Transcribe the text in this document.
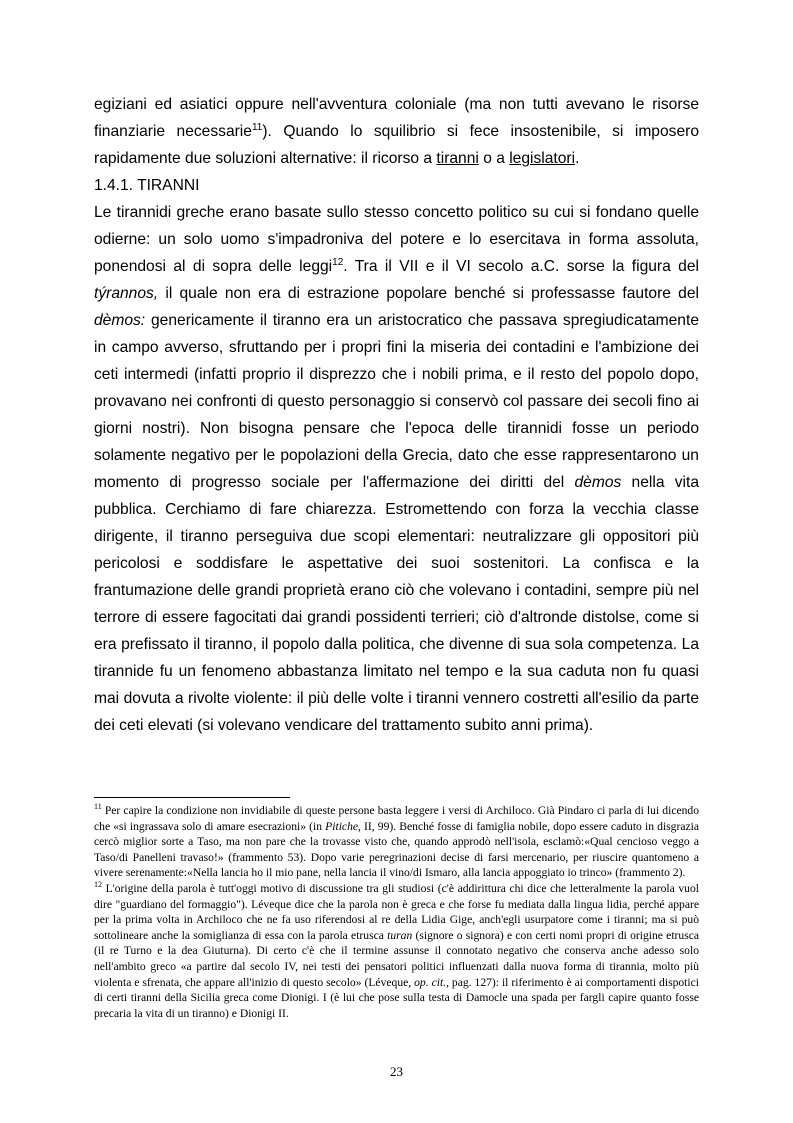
egiziani ed asiatici oppure nell'avventura coloniale (ma non tutti avevano le risorse finanziarie necessarie$^{11}$). Quando lo squilibrio si fece insostenibile, si imposero rapidamente due soluzioni alternative: il ricorso a tiranni o a legislatori.

1.4.1. TIRANNI

Le tirannidi greche erano basate sullo stesso concetto politico su cui si fondano quelle odierne: un solo uomo s'impadroniva del potere e lo esercitava in forma assoluta, ponendosi al di sopra delle leggi$^{12}$. Tra il VII e il VI secolo a.C. sorse la figura del týrannos, il quale non era di estrazione popolare benché si professasse fautore del dèmos: genericamente il tiranno era un aristocratico che passava spregiudicatamente in campo avverso, sfruttando per i propri fini la miseria dei contadini e l'ambizione dei ceti intermedi (infatti proprio il disprezzo che i nobili prima, e il resto del popolo dopo, provavano nei confronti di questo personaggio si conservò col passare dei secoli fino ai giorni nostri). Non bisogna pensare che l'epoca delle tirannidi fosse un periodo solamente negativo per le popolazioni della Grecia, dato che esse rappresentarono un momento di progresso sociale per l'affermazione dei diritti del dèmos nella vita pubblica. Cerchiamo di fare chiarezza. Estromettendo con forza la vecchia classe dirigente, il tiranno perseguiva due scopi elementari: neutralizzare gli oppositori più pericolosi e soddisfare le aspettative dei suoi sostenitori. La confisca e la frantumazione delle grandi proprietà erano ciò che volevano i contadini, sempre più nel terrore di essere fagocitati dai grandi possidenti terrieri; ciò d'altronde distolse, come si era prefissato il tiranno, il popolo dalla politica, che divenne di sua sola competenza. La tirannide fu un fenomeno abbastanza limitato nel tempo e la sua caduta non fu quasi mai dovuta a rivolte violente: il più delle volte i tiranni vennero costretti all'esilio da parte dei ceti elevati (si volevano vendicare del trattamento subito anni prima).

$^{11}$ Per capire la condizione non invidiabile di queste persone basta leggere i versi di Archiloco. Già Pindaro ci parla di lui dicendo che «si ingrassava solo di amare esecrazioni» (in Pitiche, II, 99). Benché fosse di famiglia nobile, dopo essere caduto in disgrazia cercò miglior sorte a Taso, ma non pare che la trovasse visto che, quando approdò nell'isola, esclamò:«Qual cencioso veggo a Taso/di Panelleni travaso!» (frammento 53). Dopo varie peregrinazioni decise di farsi mercenario, per riuscire quantomeno a vivere serenamente:«Nella lancia ho il mio pane, nella lancia il vino/di Ismaro, alla lancia appoggiato io trinco» (frammento 2).

$^{12}$ L'origine della parola è tutt'oggi motivo di discussione tra gli studiosi (c'è addirittura chi dice che letteralmente la parola vuol dire "guardiano del formaggio"). Léveque dice che la parola non è greca e che forse fu mediata dalla lingua lidia, perché appare per la prima volta in Archiloco che ne fa uso riferendosi al re della Lidia Gige, anch'egli usurpatore come i tiranni; ma si può sottolineare anche la somiglianza di essa con la parola etrusca turan (signore o signora) e con certi nomi propri di origine etrusca (il re Turno e la dea Giuturna). Di certo c'è che il termine assunse il connotato negativo che conserva anche adesso solo nell'ambito greco «a partire dal secolo IV, nei testi dei pensatori politici influenzati dalla nuova forma di tirannia, molto più violenta e sfrenata, che appare all'inizio di questo secolo» (Léveque, op. cit., pag. 127): il riferimento è ai comportamenti dispotici di certi tiranni della Sicilia greca come Dionigi. I (è lui che pose sulla testa di Damocle una spada per fargli capire quanto fosse precaria la vita di un tiranno) e Dionigi II.

23
